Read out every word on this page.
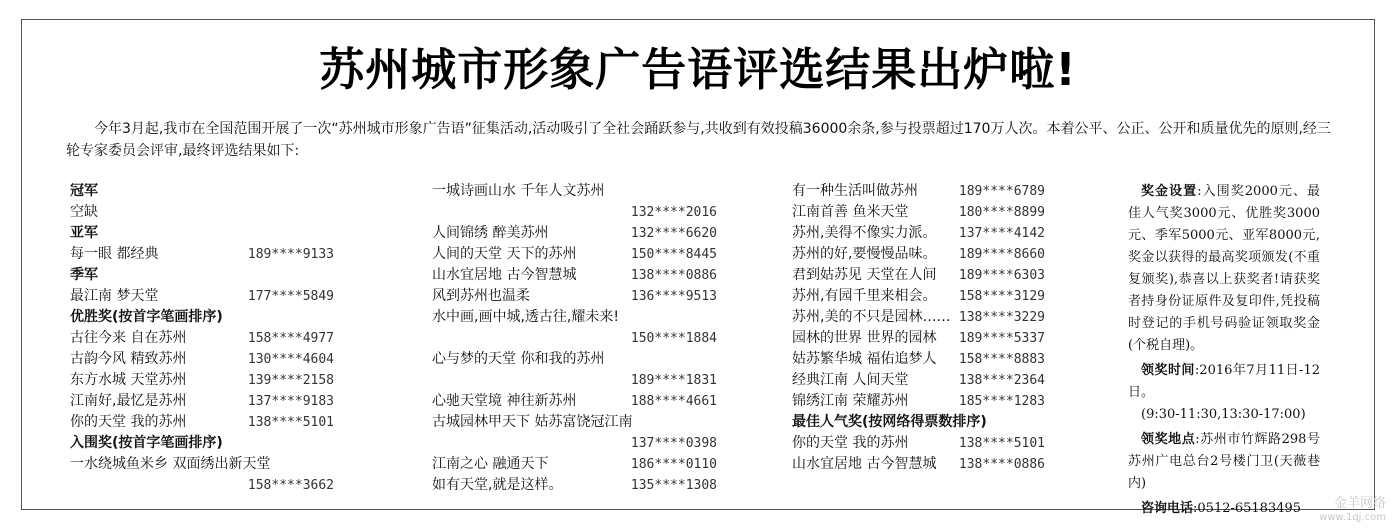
苏州城市形象广告语评选结果出炉啦!
今年3月起,我市在全国范围开展了一次“苏州城市形象广告语”征集活动,活动吸引了全社会踊跃参与,共收到有效投稿36000余条,参与投票超过170万人次。本着公平、公正、公开和质量优先的原则,经三轮专家委员会评审,最终评选结果如下:
冠军
空缺
亚军
每一眼 都经典	189****9133
季军
最江南 梦天堂	177****5849
优胜奖(按首字笔画排序)
古往今来 自在苏州	158****4977
古韵今风 精致苏州	130****4604
东方水城 天堂苏州	139****2158
江南好,最忆是苏州	137****9183
你的天堂 我的苏州	138****5101
入围奖(按首字笔画排序)
一水绕城鱼米乡 双面绣出新天堂
158****3662
一城诗画山水 千年人文苏州
132****2016
人间锦绣 醉美苏州	132****6620
人间的天堂 天下的苏州	150****8445
山水宜居地 古今智慧城	138****0886
风到苏州也温柔	136****9513
水中画,画中城,透古往,耀未来!
150****1884
心与梦的天堂 你和我的苏州
189****1831
心驰天堂境 神往新苏州	188****4661
古城园林甲天下 姑苏富饶冠江南
137****0398
江南之心 融通天下	186****0110
如有天堂,就是这样。	135****1308
有一种生活叫做苏州	189****6789
江南首善 鱼米天堂	180****8899
苏州,美得不像实力派。 137****4142
苏州的好,要慢慢品味。 189****8660
君到姑苏见 天堂在人间 189****6303
苏州,有园千里来相会。 158****3129
苏州,美的不只是园林…… 138****3229
园林的世界 世界的园林 189****5337
姑苏繁华城 福佑追梦人 158****8883
经典江南 人间天堂	138****2364
锦绣江南 荣耀苏州	185****1283
最佳人气奖(按网络得票数排序)
你的天堂 我的苏州	138****5101
山水宜居地 古今智慧城 138****0886

奖金设置:入围奖2000元、最佳人气奖3000元、优胜奖3000元、季军5000元、亚军8000元,奖金以获得的最高奖项颁发(不重复颁奖),恭喜以上获奖者!请获奖者持身份证原件及复印件,凭投稿时登记的手机号码验证领取奖金(个税自理)。

领奖时间:2016年7月11日-12日。

(9:30-11:30,13:30-17:00)

领奖地点:苏州市竹辉路298号苏州广电总台2号楼门卫(天薇巷内)

咨询电话:0512-65183495	金羊网络
www.1qj.com
